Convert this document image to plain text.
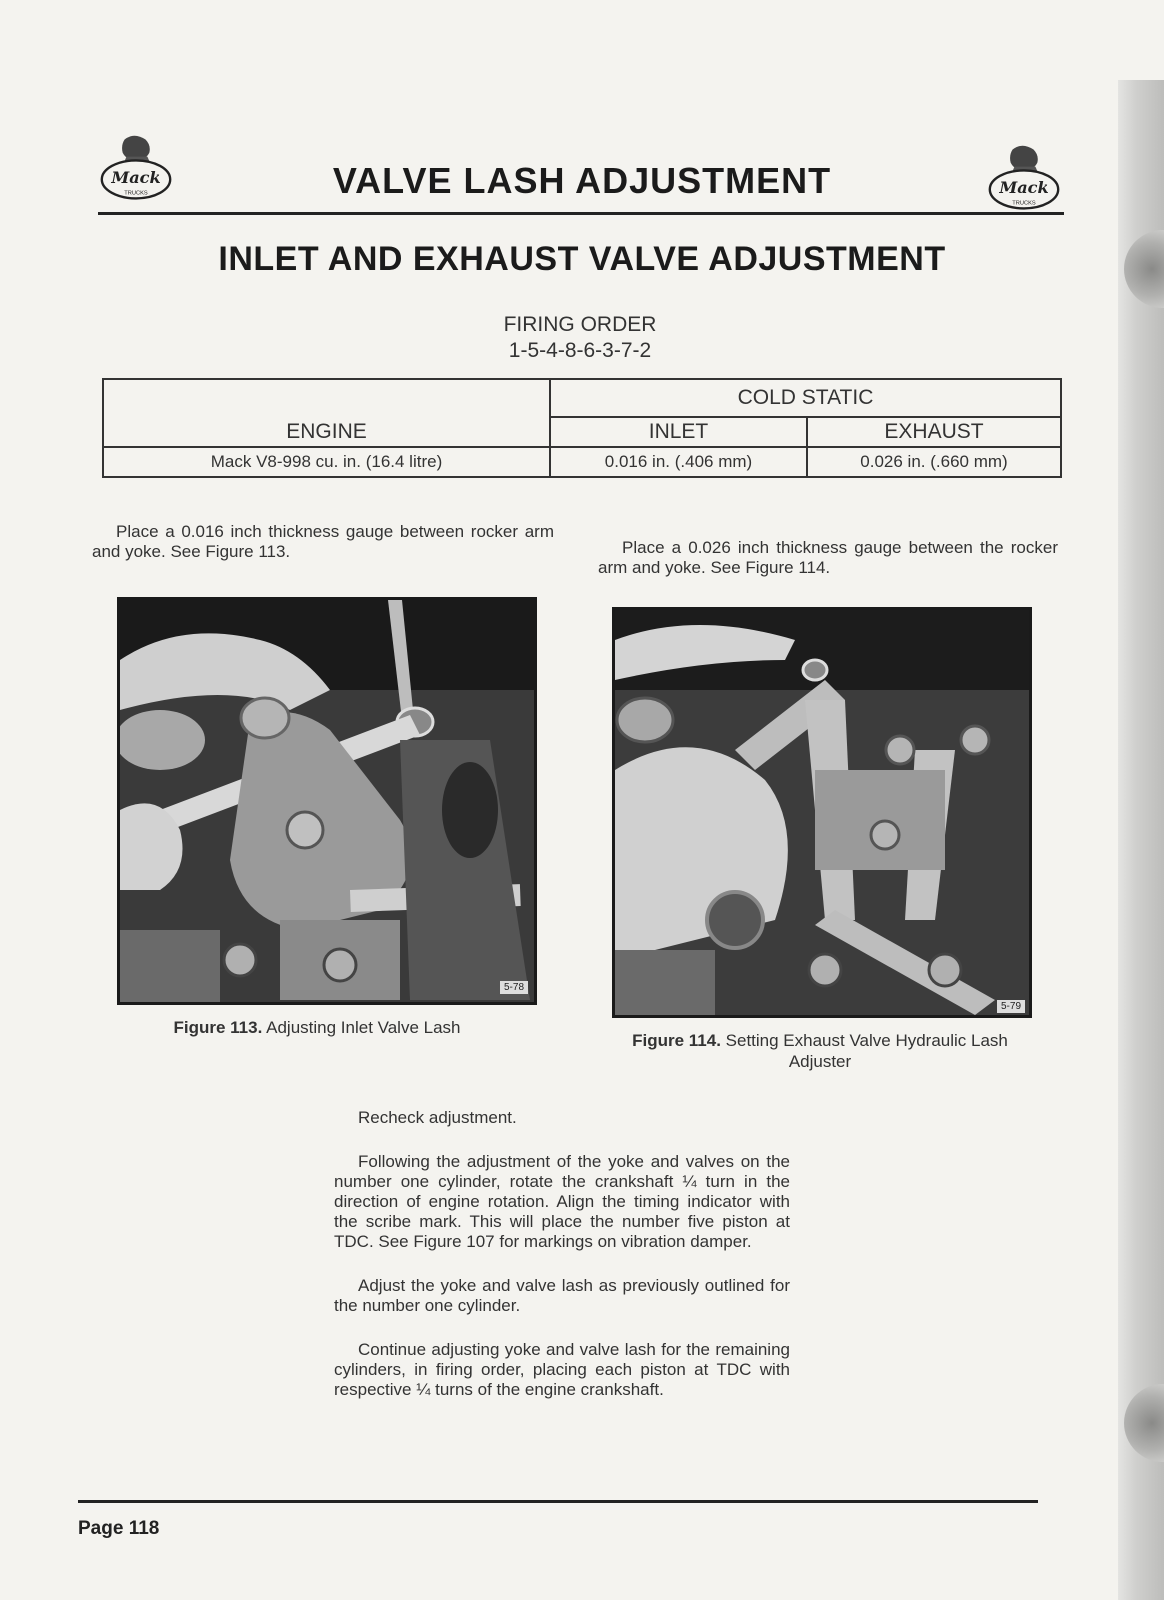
Mack
TRUCKS	Mack
TRUCKS
VALVE LASH ADJUSTMENT
INLET AND EXHAUST VALVE ADJUSTMENT
FIRING ORDER
1-5-4-8-6-3-7-2
ENGINE	COLD STATIC	
	INLET	EXHAUST
Mack V8-998 cu. in. (16.4 litre)	0.016 in. (.406 mm)	0.026 in. (.660 mm)
Place a 0.016 inch thickness gauge between rocker arm and yoke. See Figure 113.
5-78
Figure 113. Adjusting Inlet Valve Lash
Place a 0.026 inch thickness gauge between the rocker arm and yoke. See Figure 114.
5-79
Figure 114. Setting Exhaust Valve Hydraulic Lash Adjuster

Recheck adjustment.

Following the adjustment of the yoke and valves on the number one cylinder, rotate the crankshaft ¼ turn in the direction of engine rotation. Align the timing indicator with the scribe mark. This will place the number five piston at TDC. See Figure 107 for markings on vibration damper.

Adjust the yoke and valve lash as previously outlined for the number one cylinder.

Continue adjusting yoke and valve lash for the remaining cylinders, in firing order, placing each piston at TDC with respective ¼ turns of the engine crankshaft.

Page 118
